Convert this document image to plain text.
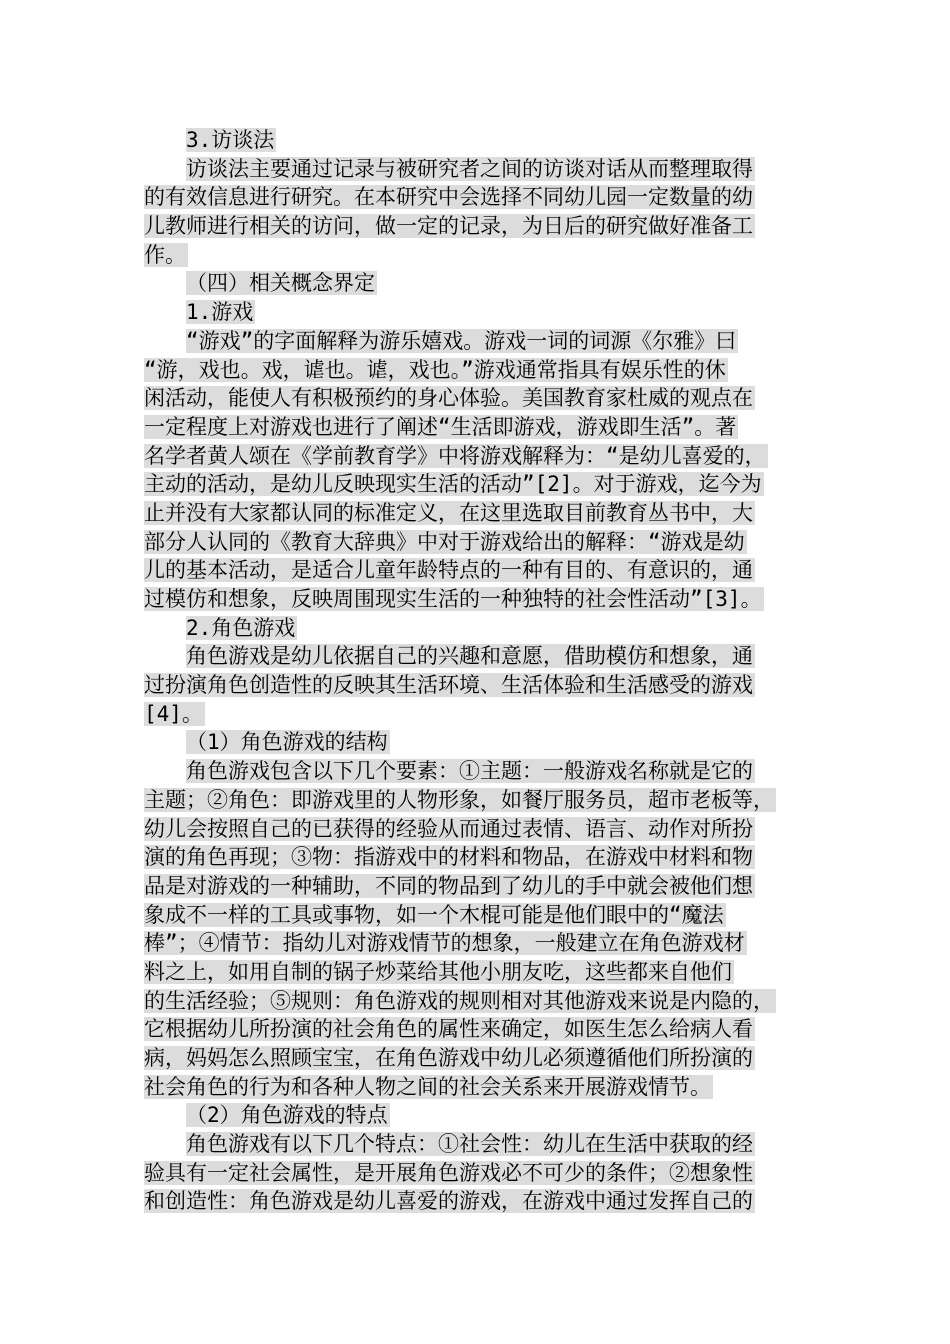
3.访谈法
访谈法主要通过记录与被研究者之间的访谈对话从而整理取得
的有效信息进行研究。在本研究中会选择不同幼儿园一定数量的幼
儿教师进行相关的访问，做一定的记录，为日后的研究做好准备工
作。
（四）相关概念界定
1.游戏
“游戏”的字面解释为游乐嬉戏。游戏一词的词源《尔雅》曰
“游，戏也。戏，谑也。谑，戏也。”游戏通常指具有娱乐性的休
闲活动，能使人有积极预约的身心体验。美国教育家杜威的观点在
一定程度上对游戏也进行了阐述“生活即游戏，游戏即生活”。著
名学者黄人颂在《学前教育学》中将游戏解释为：“是幼儿喜爱的，
主动的活动，是幼儿反映现实生活的活动”[2]。对于游戏，迄今为
止并没有大家都认同的标准定义，在这里选取目前教育丛书中，大
部分人认同的《教育大辞典》中对于游戏给出的解释：“游戏是幼
儿的基本活动，是适合儿童年龄特点的一种有目的、有意识的，通
过模仿和想象，反映周围现实生活的一种独特的社会性活动”[3]。
2.角色游戏
角色游戏是幼儿依据自己的兴趣和意愿，借助模仿和想象，通
过扮演角色创造性的反映其生活环境、生活体验和生活感受的游戏
[4]。
（1）角色游戏的结构
角色游戏包含以下几个要素：①主题：一般游戏名称就是它的
主题；②角色：即游戏里的人物形象，如餐厅服务员，超市老板等，
幼儿会按照自己的已获得的经验从而通过表情、语言、动作对所扮
演的角色再现；③物：指游戏中的材料和物品，在游戏中材料和物
品是对游戏的一种辅助，不同的物品到了幼儿的手中就会被他们想
象成不一样的工具或事物，如一个木棍可能是他们眼中的“魔法
棒”；④情节：指幼儿对游戏情节的想象，一般建立在角色游戏材
料之上，如用自制的锅子炒菜给其他小朋友吃，这些都来自他们
的生活经验；⑤规则：角色游戏的规则相对其他游戏来说是内隐的，
它根据幼儿所扮演的社会角色的属性来确定，如医生怎么给病人看
病，妈妈怎么照顾宝宝，在角色游戏中幼儿必须遵循他们所扮演的
社会角色的行为和各种人物之间的社会关系来开展游戏情节。
（2）角色游戏的特点
角色游戏有以下几个特点：①社会性：幼儿在生活中获取的经
验具有一定社会属性，是开展角色游戏必不可少的条件；②想象性
和创造性：角色游戏是幼儿喜爱的游戏，在游戏中通过发挥自己的
